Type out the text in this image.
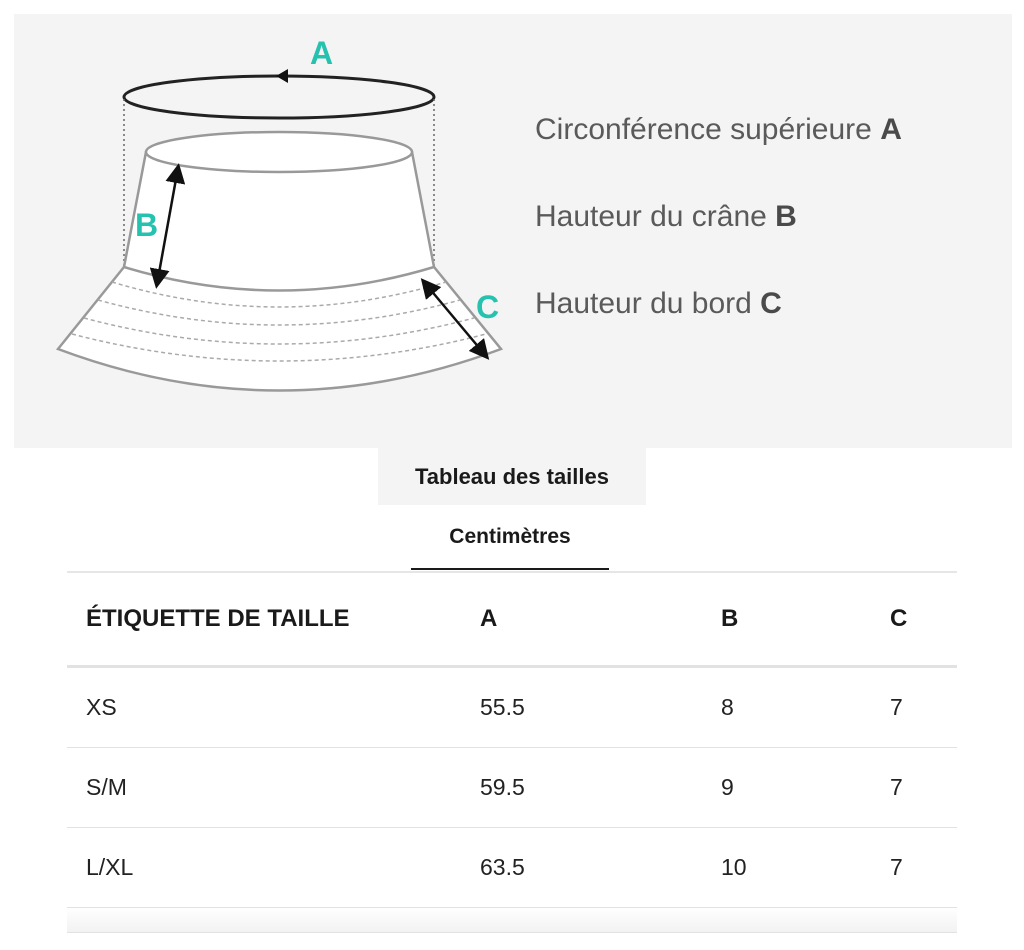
A
B
C
Circonférence supérieure A
Hauteur du crâne B
Hauteur du bord C
Tableau des tailles
Centimètres
ÉTIQUETTE DE TAILLE	A	B	C
XS	55.5	8	7
S/M	59.5	9	7
L/XL	63.5	10	7
